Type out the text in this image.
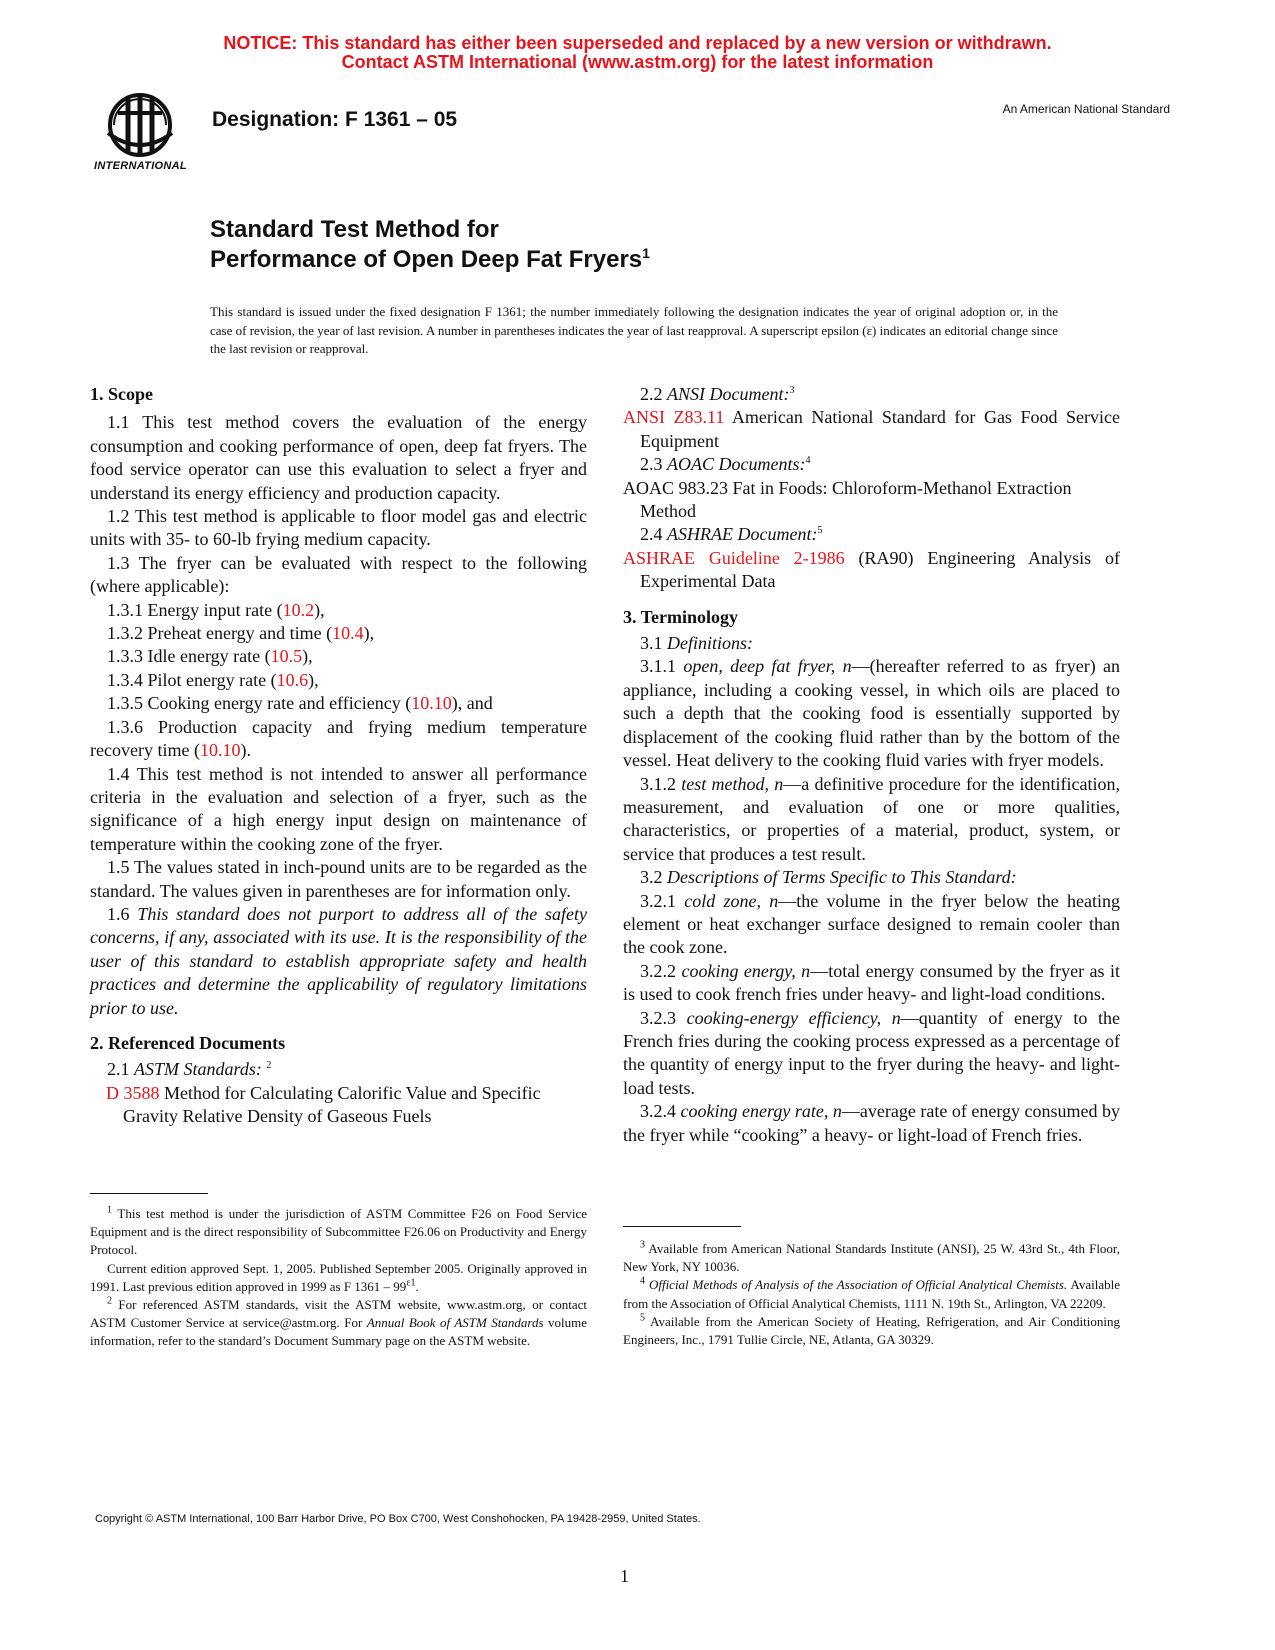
NOTICE: This standard has either been superseded and replaced by a new version or withdrawn.
Contact ASTM International (www.astm.org) for the latest information
INTERNATIONAL
Designation: F 1361 – 05	An American National Standard
Standard Test Method for
Performance of Open Deep Fat Fryers$^1$
This standard is issued under the fixed designation F 1361; the number immediately following the designation indicates the year of original adoption or, in the case of revision, the year of last revision. A number in parentheses indicates the year of last reapproval. A superscript epsilon (ε) indicates an editorial change since the last revision or reapproval.

1. Scope

1.1 This test method covers the evaluation of the energy consumption and cooking performance of open, deep fat fryers. The food service operator can use this evaluation to select a fryer and understand its energy efficiency and production capacity.

1.2 This test method is applicable to floor model gas and electric units with 35- to 60-lb frying medium capacity.

1.3 The fryer can be evaluated with respect to the following (where applicable):

1.3.1 Energy input rate (10.2),

1.3.2 Preheat energy and time (10.4),

1.3.3 Idle energy rate (10.5),

1.3.4 Pilot energy rate (10.6),

1.3.5 Cooking energy rate and efficiency (10.10), and

1.3.6 Production capacity and frying medium temperature recovery time (10.10).

1.4 This test method is not intended to answer all performance criteria in the evaluation and selection of a fryer, such as the significance of a high energy input design on maintenance of temperature within the cooking zone of the fryer.

1.5 The values stated in inch-pound units are to be regarded as the standard. The values given in parentheses are for information only.

1.6 This standard does not purport to address all of the safety concerns, if any, associated with its use. It is the responsibility of the user of this standard to establish appropriate safety and health practices and determine the applicability of regulatory limitations prior to use.

2. Referenced Documents

2.1 ASTM Standards: $^2$

D 3588 Method for Calculating Calorific Value and Specific Gravity Relative Density of Gaseous Fuels

$^1$ This test method is under the jurisdiction of ASTM Committee F26 on Food Service Equipment and is the direct responsibility of Subcommittee F26.06 on Productivity and Energy Protocol.

Current edition approved Sept. 1, 2005. Published September 2005. Originally approved in 1991. Last previous edition approved in 1999 as F $1361 - 99^{\varepsilon 1}$.

$^2$ For referenced ASTM standards, visit the ASTM website, www.astm.org, or contact ASTM Customer Service at service@astm.org. For Annual Book of ASTM Standards volume information, refer to the standard’s Document Summary page on the ASTM website.

2.2 ANSI Document:$^3$

ANSI Z83.11 American National Standard for Gas Food Service Equipment

2.3 AOAC Documents:$^4$

AOAC 983.23 Fat in Foods: Chloroform-Methanol Extraction Method

2.4 ASHRAE Document:$^5$

ASHRAE Guideline 2-1986 (RA90) Engineering Analysis of Experimental Data

3. Terminology

3.1 Definitions:

3.1.1 open, deep fat fryer, n—(hereafter referred to as fryer) an appliance, including a cooking vessel, in which oils are placed to such a depth that the cooking food is essentially supported by displacement of the cooking fluid rather than by the bottom of the vessel. Heat delivery to the cooking fluid varies with fryer models.

3.1.2 test method, n—a definitive procedure for the identification, measurement, and evaluation of one or more qualities, characteristics, or properties of a material, product, system, or service that produces a test result.

3.2 Descriptions of Terms Specific to This Standard:

3.2.1 cold zone, n—the volume in the fryer below the heating element or heat exchanger surface designed to remain cooler than the cook zone.

3.2.2 cooking energy, n—total energy consumed by the fryer as it is used to cook french fries under heavy- and light-load conditions.

3.2.3 cooking-energy efficiency, n—quantity of energy to the French fries during the cooking process expressed as a percentage of the quantity of energy input to the fryer during the heavy- and light-load tests.

3.2.4 cooking energy rate, n—average rate of energy consumed by the fryer while “cooking” a heavy- or light-load of French fries.

$^3$ Available from American National Standards Institute (ANSI), 25 W. 43rd St., 4th Floor, New York, NY 10036.

$^4$ Official Methods of Analysis of the Association of Official Analytical Chemists. Available from the Association of Official Analytical Chemists, 1111 N. 19th St., Arlington, VA 22209.

$^5$ Available from the American Society of Heating, Refrigeration, and Air Conditioning Engineers, Inc., 1791 Tullie Circle, NE, Atlanta, GA 30329.

Copyright © ASTM International, 100 Barr Harbor Drive, PO Box C700, West Conshohocken, PA 19428-2959, United States.
1
